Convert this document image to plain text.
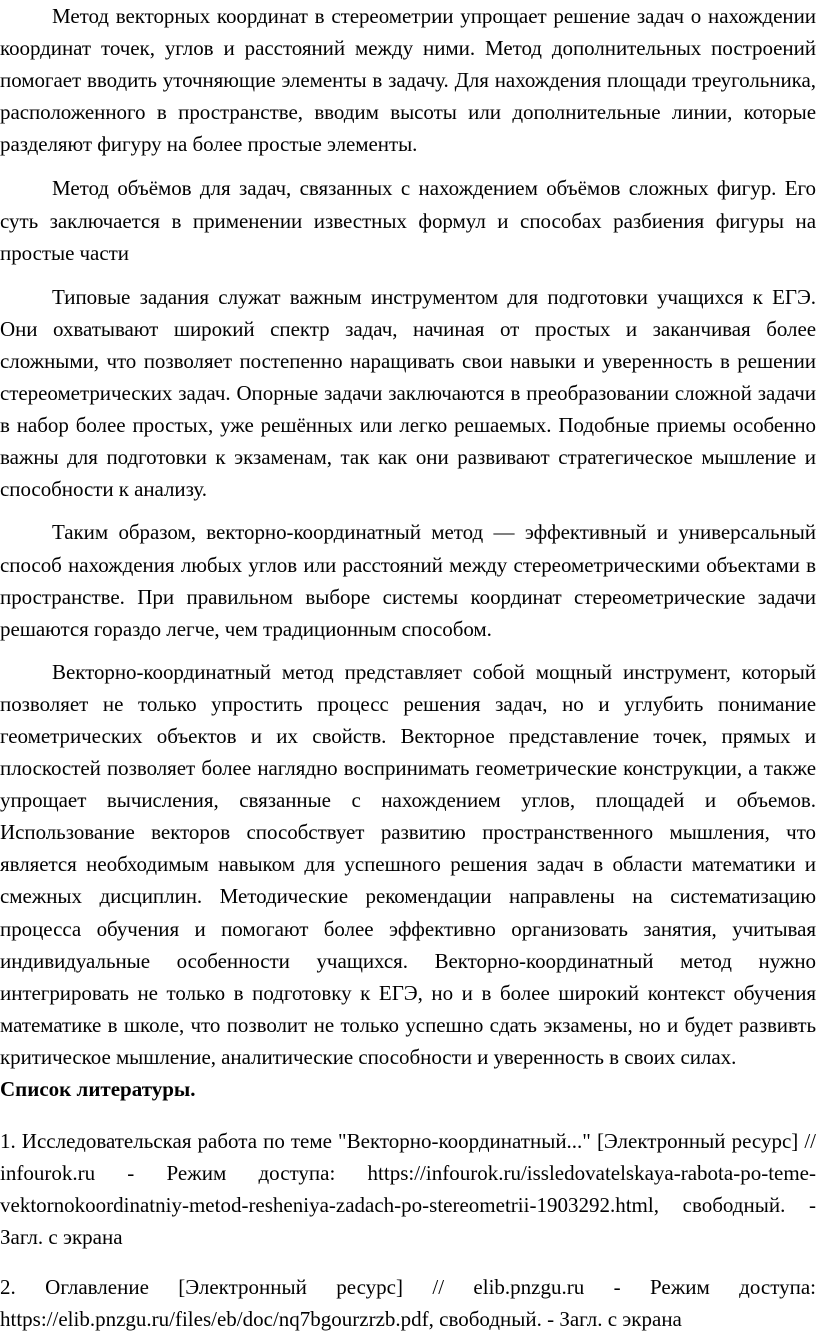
Метод векторных координат в стереометрии упрощает решение задач о нахождении координат точек, углов и расстояний между ними. Метод дополнительных построений помогает вводить уточняющие элементы в задачу. Для нахождения площади треугольника, расположенного в пространстве, вводим высоты или дополнительные линии, которые разделяют фигуру на более простые элементы.

Метод объёмов для задач, связанных с нахождением объёмов сложных фигур. Его суть заключается в применении известных формул и способах разбиения фигуры на простые части

Типовые задания служат важным инструментом для подготовки учащихся к ЕГЭ. Они охватывают широкий спектр задач, начиная от простых и заканчивая более сложными, что позволяет постепенно наращивать свои навыки и уверенность в решении стереометрических задач. Опорные задачи заключаются в преобразовании сложной задачи в набор более простых, уже решённых или легко решаемых. Подобные приемы особенно важны для подготовки к экзаменам, так как они развивают стратегическое мышление и способности к анализу.

Таким образом, векторно-координатный метод — эффективный и универсальный способ нахождения любых углов или расстояний между стереометрическими объектами в пространстве. При правильном выборе системы координат стереометрические задачи решаются гораздо легче, чем традиционным способом.

Векторно-координатный метод представляет собой мощный инструмент, который позволяет не только упростить процесс решения задач, но и углубить понимание геометрических объектов и их свойств. Векторное представление точек, прямых и плоскостей позволяет более наглядно воспринимать геометрические конструкции, а также упрощает вычисления, связанные с нахождением углов, площадей и объемов. Использование векторов способствует развитию пространственного мышления, что является необходимым навыком для успешного решения задач в области математики и смежных дисциплин. Методические рекомендации направлены на систематизацию процесса обучения и помогают более эффективно организовать занятия, учитывая индивидуальные особенности учащихся. Векторно-координатный метод нужно интегрировать не только в подготовку к ЕГЭ, но и в более широкий контекст обучения математике в школе, что позволит не только успешно сдать экзамены, но и будет развивть критическое мышление, аналитические способности и уверенность в своих силах.

Список литературы.

1. Исследовательская работа по теме "Векторно-координатный..." [Электронный ресурс] // infourok.ru - Режим доступа: https://infourok.ru/issledovatelskaya-rabota-po-teme-vektornokoordinatniy-metod-resheniya-zadach-po-stereometrii-1903292.html, свободный. - Загл. с экрана

2. Оглавление [Электронный ресурс] // elib.pnzgu.ru - Режим доступа: https://elib.pnzgu.ru/files/eb/doc/nq7bgourzrzb.pdf, свободный. - Загл. с экрана
